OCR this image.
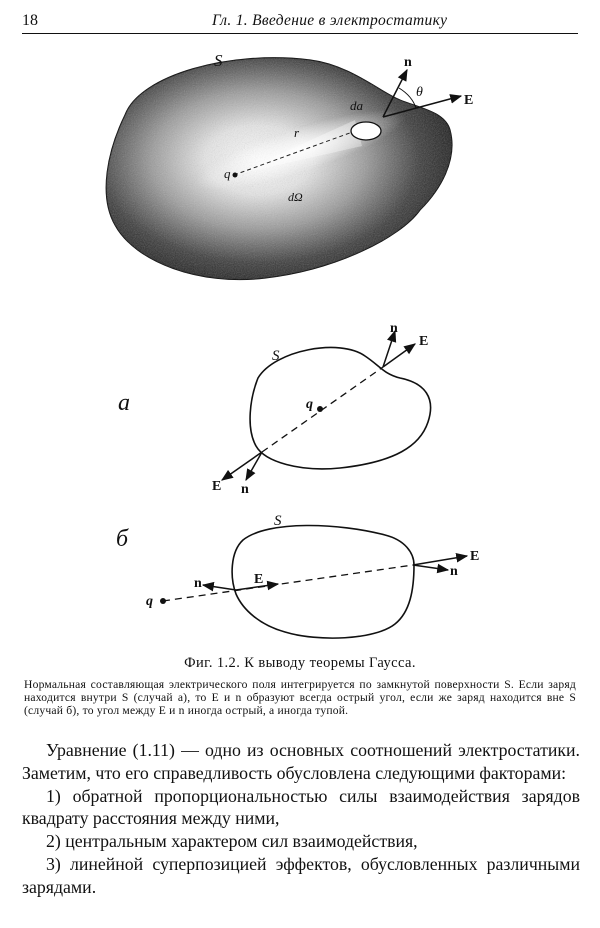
18	Гл. 1. Введение в электростатику
S	n
θ
E
da
r
q
dΩ
а
S
q
n
E
E n
б
S
q
n	E
E
n

Фиг. 1.2. К выводу теоремы Гаусса.

Нормальная составляющая электрического поля интегрируется по замкнутой поверхности S. Если заряд находится внутри S (случай а), то E и n образуют всегда острый угол, если же заряд находится вне S (случай б), то угол между E и n иногда острый, а иногда тупой.

Уравнение (1.11) — одно из основных соотношений электростатики. Заметим, что его справедливость обусловлена следующими факторами:

1) обратной пропорциональностью силы взаимодействия зарядов квадрату расстояния между ними,

2) центральным характером сил взаимодействия,

3) линейной суперпозицией эффектов, обусловленных различными зарядами.
